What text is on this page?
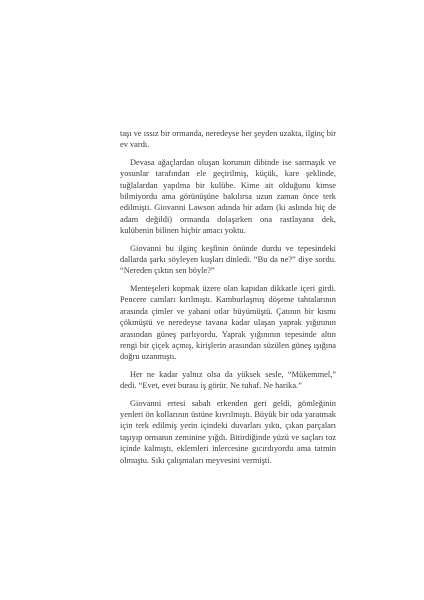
taşı ve ıssız bir ormanda, neredeyse her şeyden uzakta, ilginç bir ev vardı.

Devasa ağaçlardan oluşan korunun dibinde ise sarmaşık ve yosunlar tarafından ele geçirilmiş, küçük, kare şeklinde, tuğlalardan yapılma bir kulübe. Kime ait olduğunu kimse bilmiyordu ama görünüşüne bakılırsa uzun zaman önce terk edilmişti. Giovanni Lawson adında bir adam (ki aslında hiç de adam değildi) ormanda dolaşırken ona rastlayana dek, kulübenin bilinen hiçbir amacı yoktu.

Giovanni bu ilginç keşfinin önünde durdu ve tepesindeki dallarda şarkı söyleyen kuşları dinledi. “Bu da ne?” diye sordu. “Nereden çıktın sen böyle?”

Menteşeleri kopmak üzere olan kapıdan dikkatle içeri girdi. Pencere camları kırılmıştı. Kamburlaşmış döşeme tahtalarının arasında çimler ve yabani otlar büyümüştü. Çatının bir kısmı çökmüştü ve neredeyse tavana kadar ulaşan yaprak yığınının arasından güneş parlıyordu. Yaprak yığınının tepesinde altın rengi bir çiçek açmış, kirişlerin arasından süzülen güneş ışığına doğru uzanmıştı.

Her ne kadar yalnız olsa da yüksek sesle, “Mükemmel,” dedi. “Evet, evet burası iş görür. Ne tuhaf. Ne harika.”

Giovanni ertesi sabah erkenden geri geldi, gömleğinin yenleri ön kollarının üstüne kıvrılmıştı. Büyük bir oda yaratmak için terk edilmiş yerin içindeki duvarları yıktı, çıkan parçaları taşıyıp ormanın zeminine yığdı. Bitirdiğinde yüzü ve saçları toz içinde kalmıştı, eklemleri inlercesine gıcırdıyordu ama tatmin olmuştu. Sıkı çalışmaları meyvesini vermişti.
